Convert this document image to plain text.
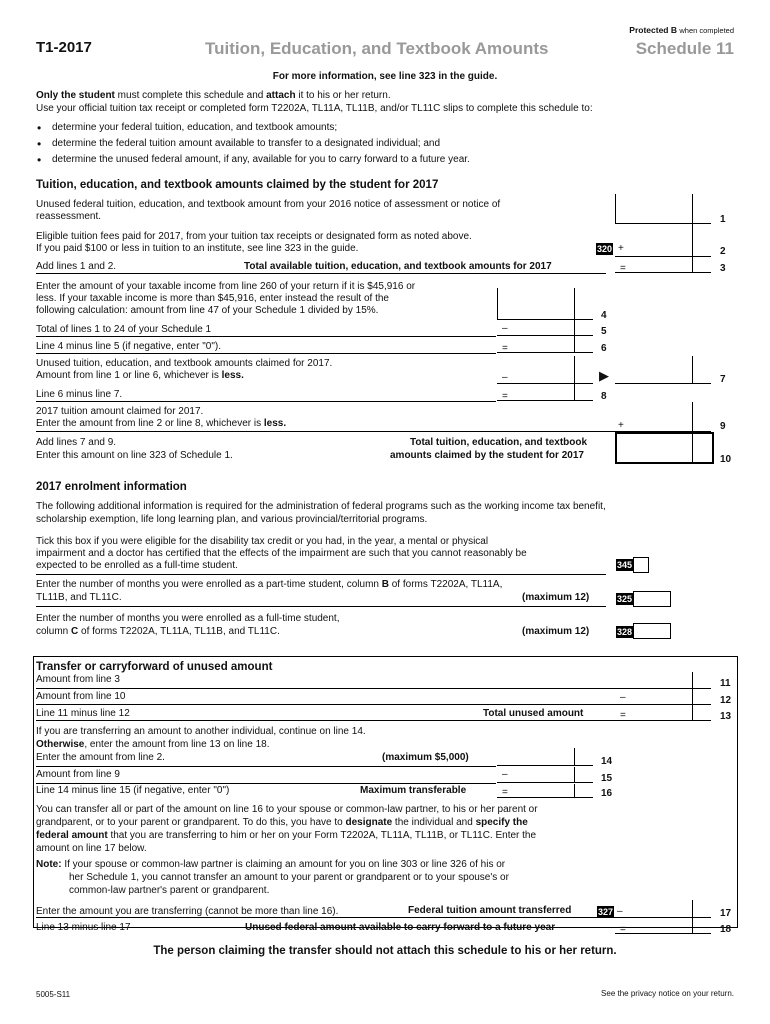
Protected B when completed
T1-2017	Tuition, Education, and Textbook Amounts	Schedule 11
For more information, see line 323 in the guide.
Only the student must complete this schedule and attach it to his or her return.
Use your official tuition tax receipt or completed form T2202A, TL11A, TL11B, and/or TL11C slips to complete this schedule to:
• determine your federal tuition, education, and textbook amounts;
• determine the federal tuition amount available to transfer to a designated individual; and
• determine the unused federal amount, if any, available for you to carry forward to a future year.
Tuition, education, and textbook amounts claimed by the student for 2017
Unused federal tuition, education, and textbook amount from your 2016 notice of assessment or notice of
reassessment.	1
Eligible tuition fees paid for 2017, from your tuition tax receipts or designated form as noted above.
If you paid $100 or less in tuition to an institute, see line 323 in the guide.	320 +	2
Add lines 1 and 2.	Total available tuition, education, and textbook amounts for 2017	=	3
Enter the amount of your taxable income from line 260 of your return if it is $45,916 or
less. If your taxable income is more than $45,916, enter instead the result of the
following calculation: amount from line 47 of your Schedule 1 divided by 15%.	4
Total of lines 1 to 24 of your Schedule 1	–	5
Line 4 minus line 5 (if negative, enter "0").	=	6
Unused tuition, education, and textbook amounts claimed for 2017.
Amount from line 1 or line 6, whichever is less.	–	▶	7
Line 6 minus line 7.	=	8
2017 tuition amount claimed for 2017.
Enter the amount from line 2 or line 8, whichever is less.	+	9
Add lines 7 and 9.
Enter this amount on line 323 of Schedule 1.
Total tuition, education, and textbook
amounts claimed by the student for 2017	10
2017 enrolment information
The following additional information is required for the administration of federal programs such as the working income tax benefit,
scholarship exemption, life long learning plan, and various provincial/territorial programs.
Tick this box if you were eligible for the disability tax credit or you had, in the year, a mental or physical
impairment and a doctor has certified that the effects of the impairment are such that you cannot reasonably be
expected to be enrolled as a full-time student.	345
Enter the number of months you were enrolled as a part-time student, column B of forms T2202A, TL11A,
TL11B, and TL11C.	(maximum 12)	325
Enter the number of months you were enrolled as a full-time student,
column C of forms T2202A, TL11A, TL11B, and TL11C.	(maximum 12)	328
Transfer or carryforward of unused amount
Amount from line 3	11
Amount from line 10	–	12
Line 11 minus line 12	Total unused amount	=	13
If you are transferring an amount to another individual, continue on line 14.
Otherwise, enter the amount from line 13 on line 18.
Enter the amount from line 2.	(maximum $5,000)	14
Amount from line 9	–	15
Line 14 minus line 15 (if negative, enter "0")	Maximum transferable	=	16
You can transfer all or part of the amount on line 16 to your spouse or common-law partner, to his or her parent or
grandparent, or to your parent or grandparent. To do this, you have to designate the individual and specify the
federal amount that you are transferring to him or her on your Form T2202A, TL11A, TL11B, or TL11C. Enter the
amount on line 17 below.
Note: If your spouse or common-law partner is claiming an amount for you on line 303 or line 326 of his or
her Schedule 1, you cannot transfer an amount to your parent or grandparent or to your spouse's or
common-law partner's parent or grandparent.
Enter the amount you are transferring (cannot be more than line 16).	Federal tuition amount transferred	327 –	17
Line 13 minus line 17	Unused federal amount available to carry forward to a future year	=	18
The person claiming the transfer should not attach this schedule to his or her return.
5005-S11	See the privacy notice on your return.
